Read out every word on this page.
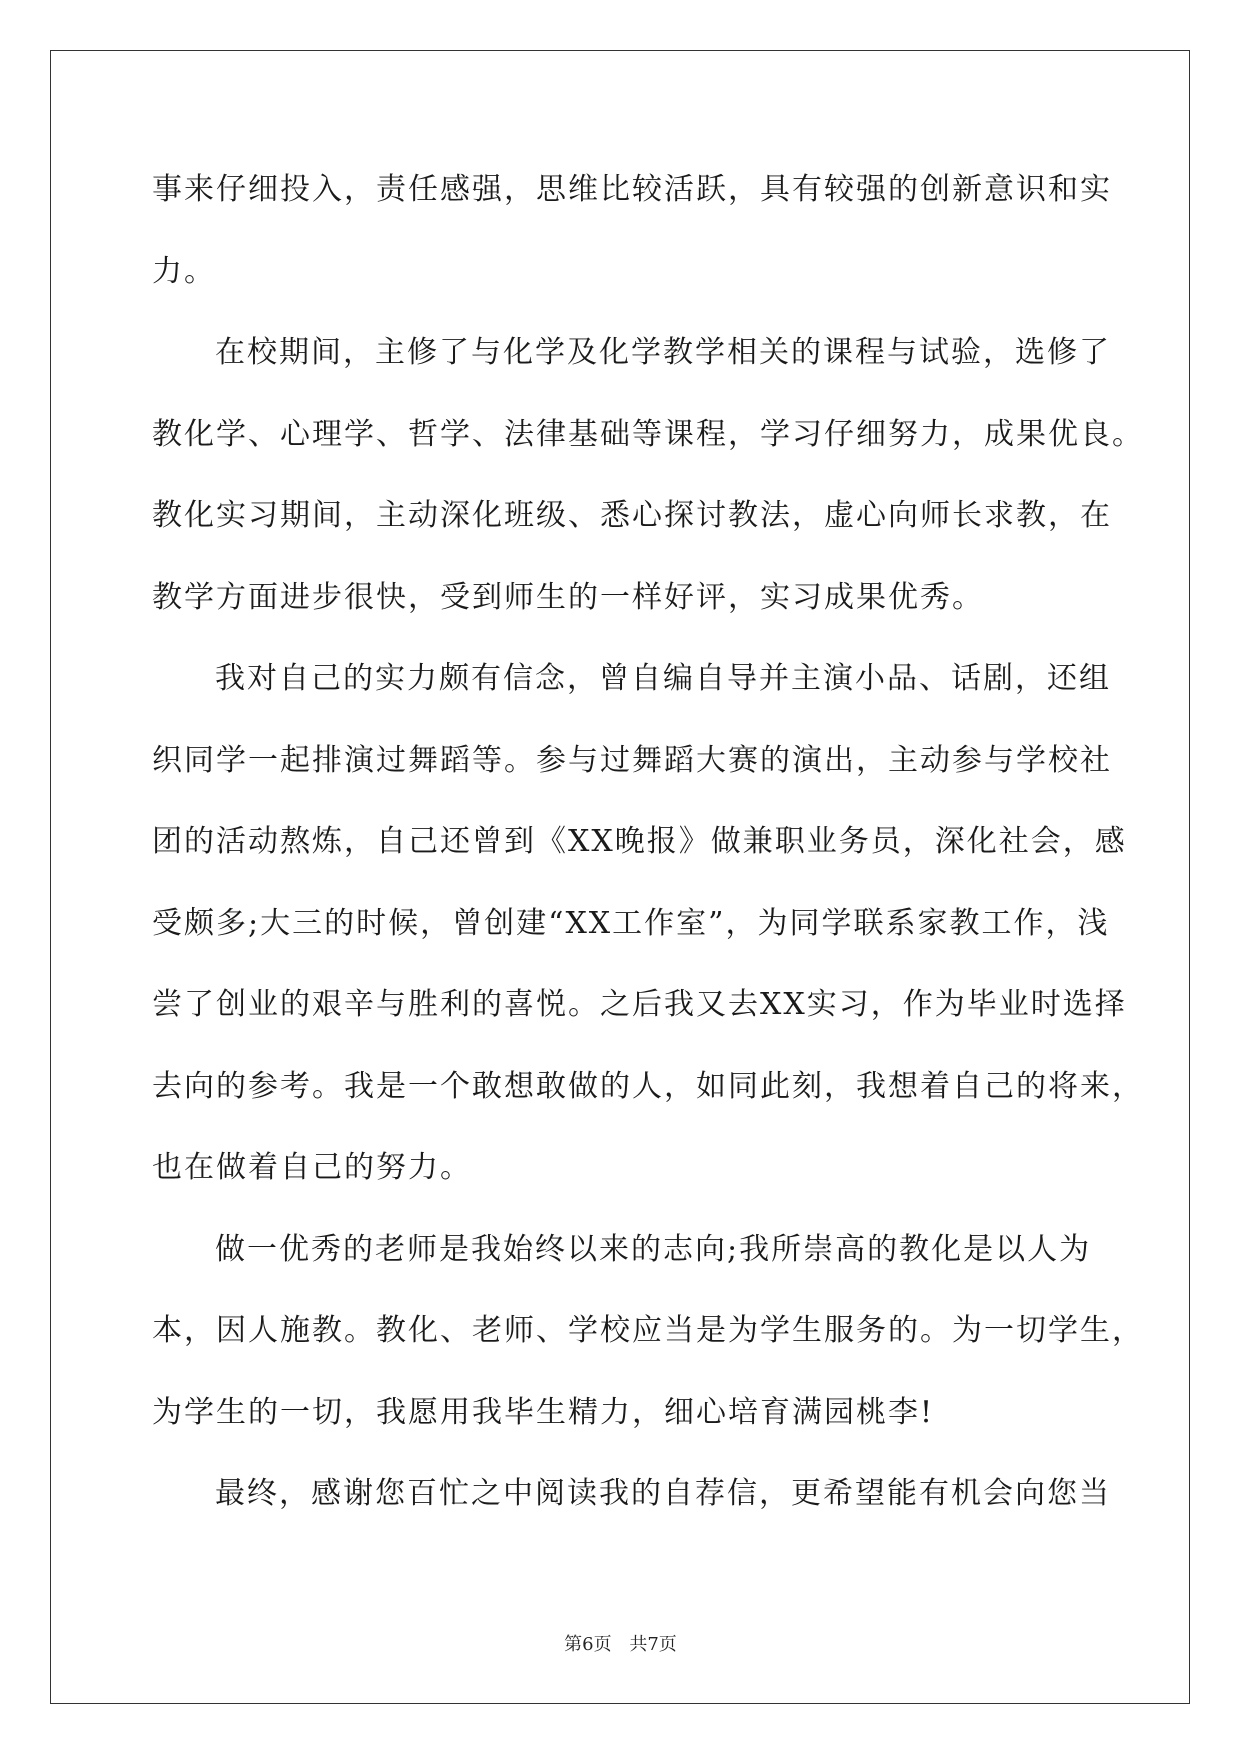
事来仔细投入，责任感强，思维比较活跃，具有较强的创新意识和实
力。
在校期间，主修了与化学及化学教学相关的课程与试验，选修了
教化学、心理学、哲学、法律基础等课程，学习仔细努力，成果优良。
教化实习期间，主动深化班级、悉心探讨教法，虚心向师长求教，在
教学方面进步很快，受到师生的一样好评，实习成果优秀。
我对自己的实力颇有信念，曾自编自导并主演小品、话剧，还组
织同学一起排演过舞蹈等。参与过舞蹈大赛的演出，主动参与学校社
团的活动熬炼，自己还曾到《XX晚报》做兼职业务员，深化社会，感
受颇多;大三的时候，曾创建“XX工作室”，为同学联系家教工作，浅
尝了创业的艰辛与胜利的喜悦。之后我又去XX实习，作为毕业时选择
去向的参考。我是一个敢想敢做的人，如同此刻，我想着自己的将来，
也在做着自己的努力。
做一优秀的老师是我始终以来的志向;我所崇高的教化是以人为
本，因人施教。教化、老师、学校应当是为学生服务的。为一切学生，
为学生的一切，我愿用我毕生精力，细心培育满园桃李!
最终，感谢您百忙之中阅读我的自荐信，更希望能有机会向您当
第6页 共7页
